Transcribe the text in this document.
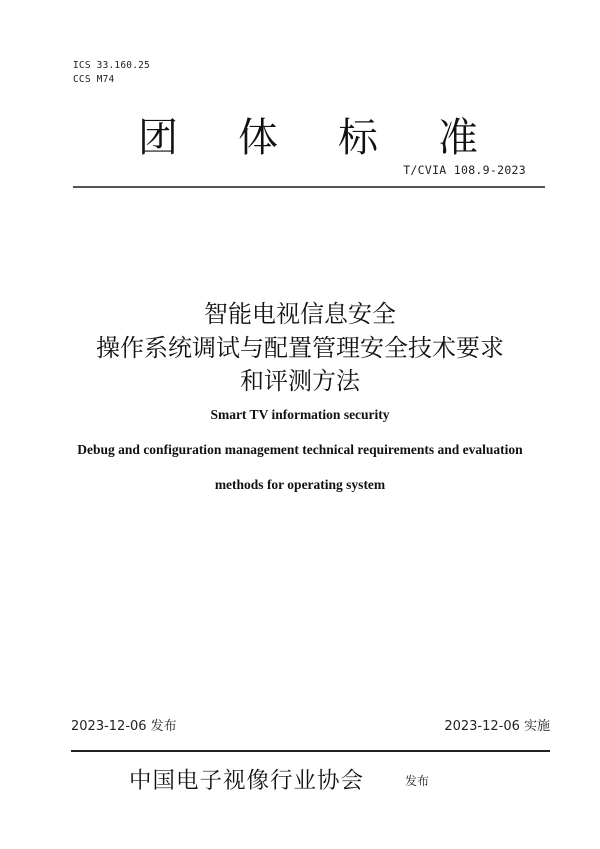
ICS 33.160.25
CCS M74
团 体 标 准
T/CVIA 108.9-2023
智能电视信息安全
操作系统调试与配置管理安全技术要求
和评测方法
Smart TV information security
Debug and configuration management technical requirements and evaluation
methods for operating system
2023-12-06 发布	2023-12-06 实施
中国电子视像行业协会	发布
